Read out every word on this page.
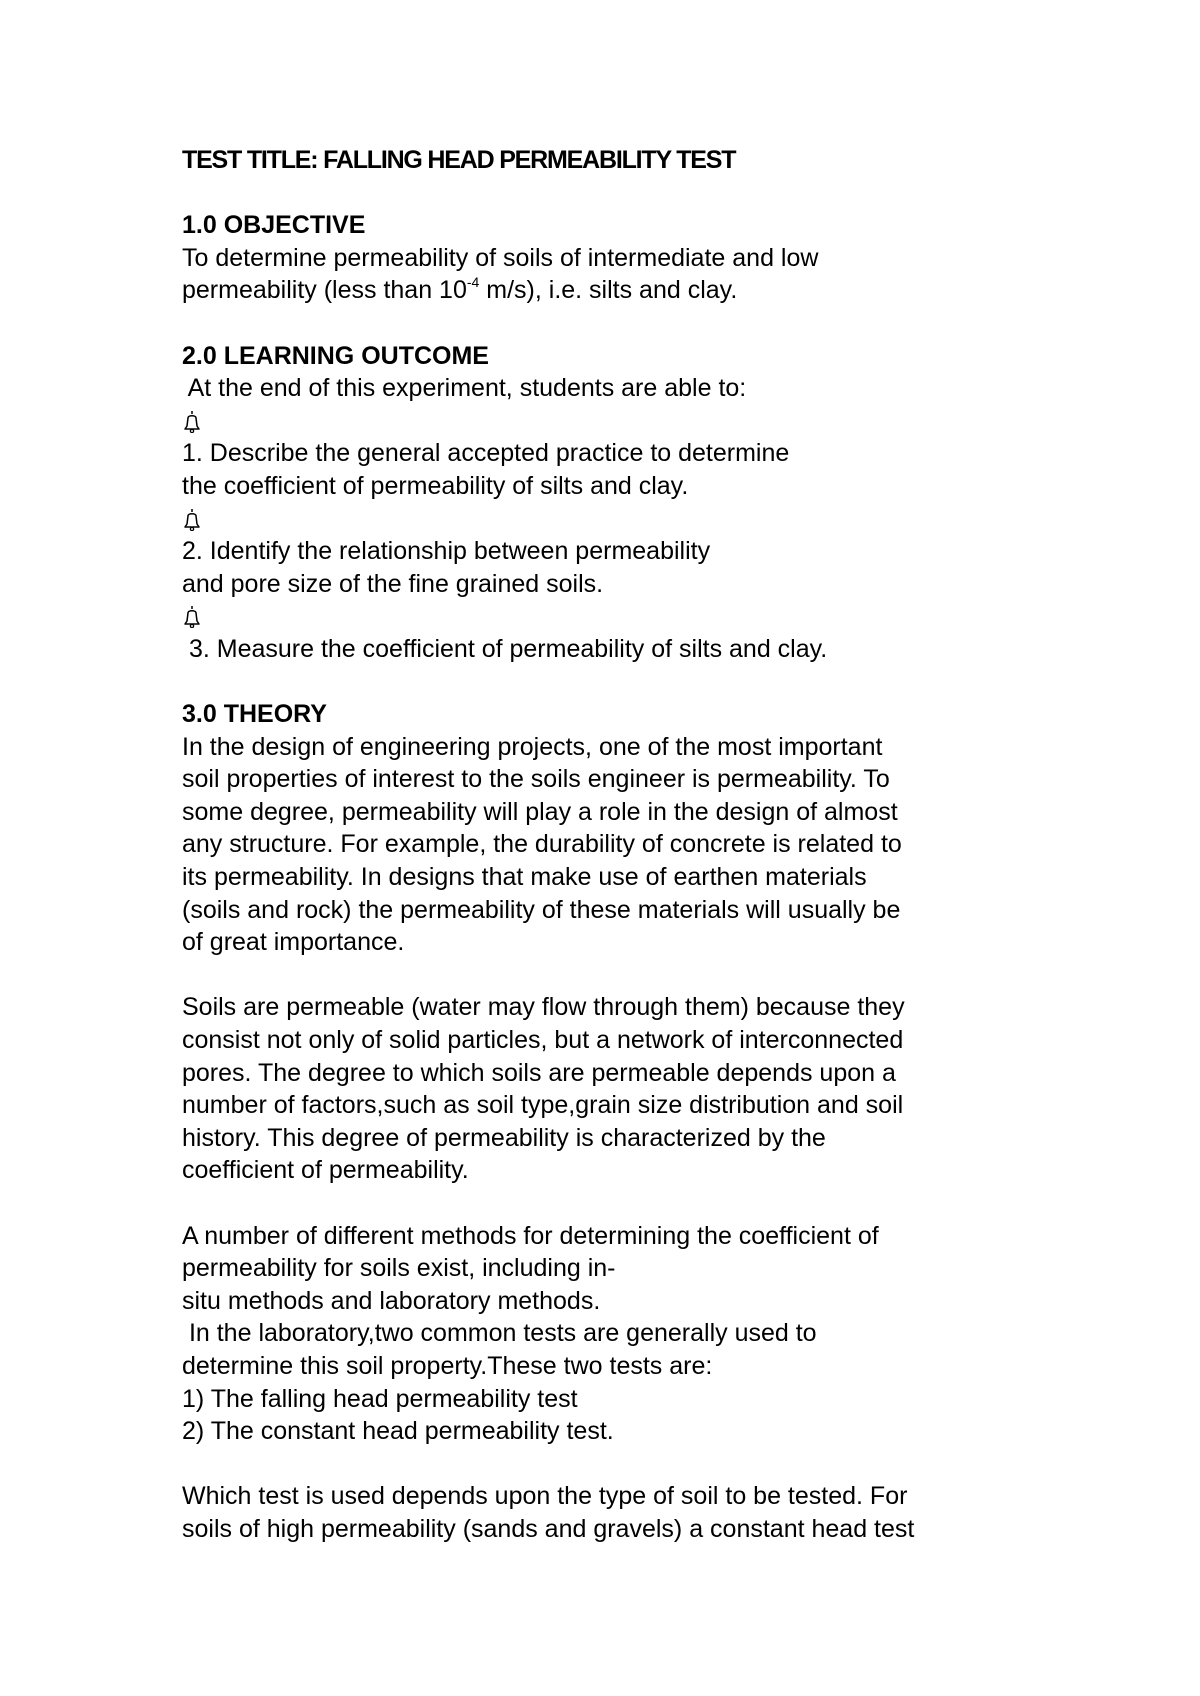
TEST TITLE: FALLING HEAD PERMEABILITY TEST

1.0 OBJECTIVE

To determine permeability of soils of intermediate and low

permeability (less than $10^{-4}$ m/s), i.e. silts and clay.

2.0 LEARNING OUTCOME

At the end of this experiment, students are able to:

1. Describe the general accepted practice to determine

the coefficient of permeability of silts and clay.

2. Identify the relationship between permeability

and pore size of the fine grained soils.

3. Measure the coefficient of permeability of silts and clay.

3.0 THEORY

In the design of engineering projects, one of the most important

soil properties of interest to the soils engineer is permeability. To

some degree, permeability will play a role in the design of almost

any structure. For example, the durability of concrete is related to

its permeability. In designs that make use of earthen materials

(soils and rock) the permeability of these materials will usually be

of great importance.

Soils are permeable (water may flow through them) because they

consist not only of solid particles, but a network of interconnected

pores. The degree to which soils are permeable depends upon a

number of factors,such as soil type,grain size distribution and soil

history. This degree of permeability is characterized by the

coefficient of permeability.

A number of different methods for determining the coefficient of

permeability for soils exist, including in-

situ methods and laboratory methods.

In the laboratory,two common tests are generally used to

determine this soil property.These two tests are:

1) The falling head permeability test

2) The constant head permeability test.

Which test is used depends upon the type of soil to be tested. For

soils of high permeability (sands and gravels) a constant head test
